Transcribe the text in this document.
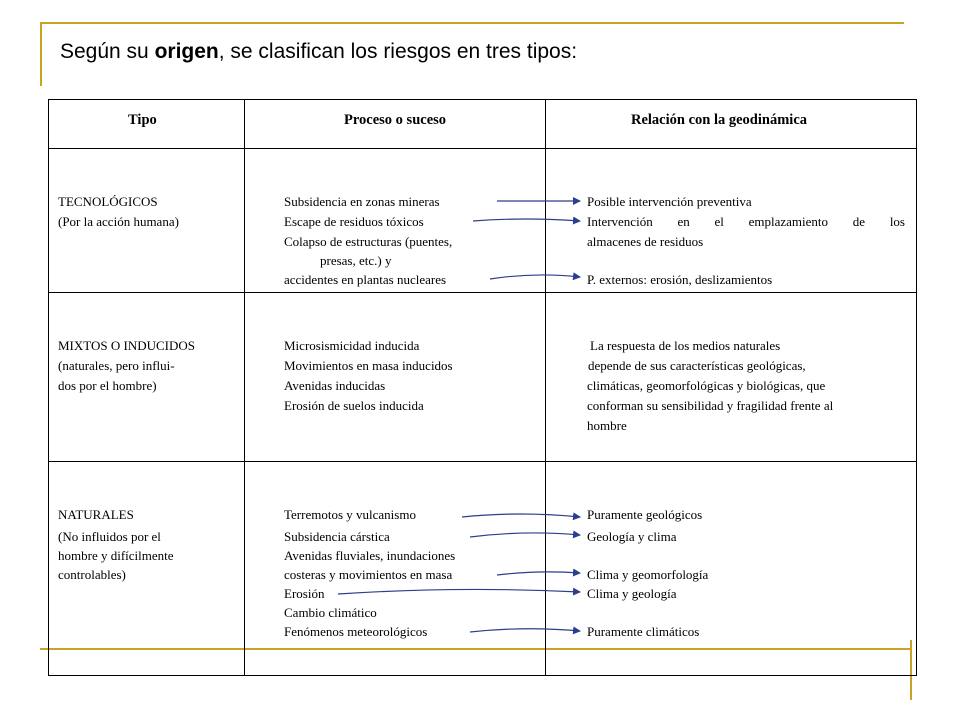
Según su origen, se clasifican los riesgos en tres tipos:
Tipo	Proceso o suceso	Relación con la geodinámica
TECNOLÓGICOS
(Por la acción humana)
Subsidencia en zonas mineras
Escape de residuos tóxicos
Colapso de estructuras (puentes,
presas, etc.) y
accidentes en plantas nucleares
Posible intervención preventiva
Intervención en el emplazamiento de los
almacenes de residuos
P. externos: erosión, deslizamientos
MIXTOS O INDUCIDOS
(naturales, pero influi-
dos por el hombre)
Microsismicidad inducida
Movimientos en masa inducidos
Avenidas inducidas
Erosión de suelos inducida
La respuesta de los medios naturales
depende de sus características geológicas,
climáticas, geomorfológicas y biológicas, que
conforman su sensibilidad y fragilidad frente al
hombre
NATURALES
(No influidos por el
hombre y difícilmente
controlables)
Terremotos y vulcanismo
Subsidencia cárstica
Avenidas fluviales, inundaciones
costeras y movimientos en masa
Erosión
Cambio climático
Fenómenos meteorológicos
Puramente geológicos
Geología y clima
Clima y geomorfología
Clima y geología
Puramente climáticos
